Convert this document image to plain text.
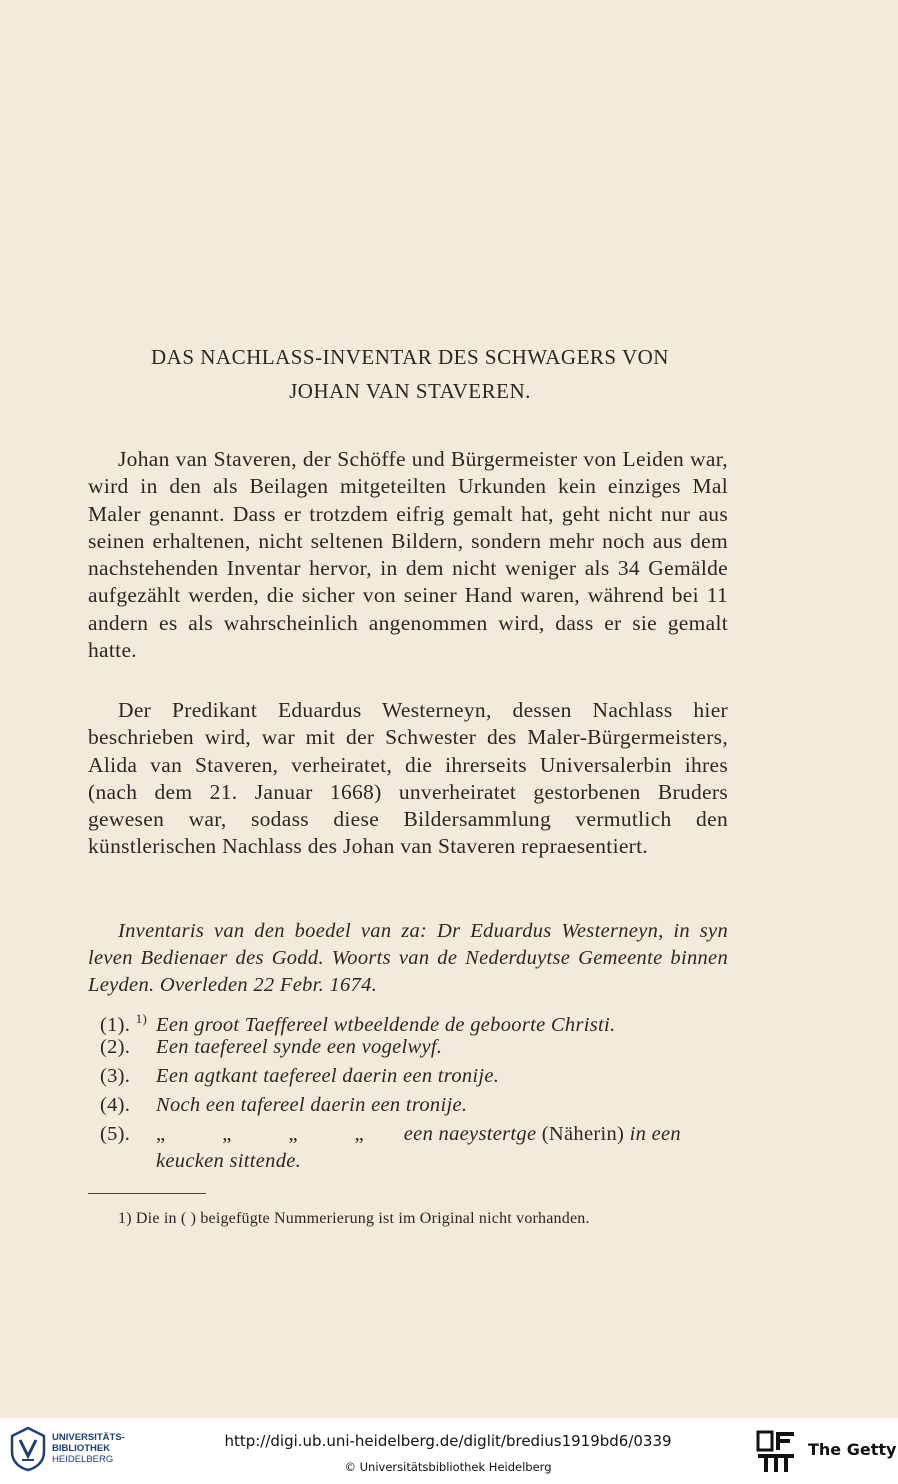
DAS NACHLASS-INVENTAR DES SCHWAGERS VON
JOHAN VAN STAVEREN.
Johan van Staveren, der Schöffe und Bürgermeister von Leiden war, wird in den als Beilagen mitgeteilten Urkunden kein einziges Mal Maler genannt. Dass er trotzdem eifrig gemalt hat, geht nicht nur aus seinen erhaltenen, nicht seltenen Bildern, sondern mehr noch aus dem nachstehenden Inventar hervor, in dem nicht weniger als 34 Gemälde aufgezählt werden, die sicher von seiner Hand waren, während bei 11 andern es als wahrscheinlich angenommen wird, dass er sie gemalt hatte.
Der Predikant Eduardus Westerneyn, dessen Nachlass hier beschrieben wird, war mit der Schwester des Maler-Bürgermeisters, Alida van Staveren, verheiratet, die ihrerseits Universalerbin ihres (nach dem 21. Januar 1668) unverheiratet gestorbenen Bruders gewesen war, sodass diese Bildersammlung vermutlich den künstlerischen Nachlass des Johan van Staveren repraesentiert.
Inventaris van den boedel van za: Dr Eduardus Westerneyn, in syn leven Bedienaer des Godd. Woorts van de Nederduytse Gemeente binnen Leyden. Overleden 22 Febr. 1674.
(1). $^{1)}$ Een groot Taeffereel wtbeeldende de geboorte Christi.
(2). Een taefereel synde een vogelwyf.
(3). Een agtkant taefereel daerin een tronije.
(4). Noch een tafereel daerin een tronije.
(5). „ „ „ „ een naeystertge (Näherin) in een
keucken sittende.
1) Die in ( ) beigefügte Nummerierung ist im Original nicht vorhanden.
UNIVERSITÄTS-
BIBLIOTHEK
HEIDELBERG
http://digi.ub.uni-heidelberg.de/diglit/bredius1919bd6/0339
© Universitätsbibliothek Heidelberg
The Getty
